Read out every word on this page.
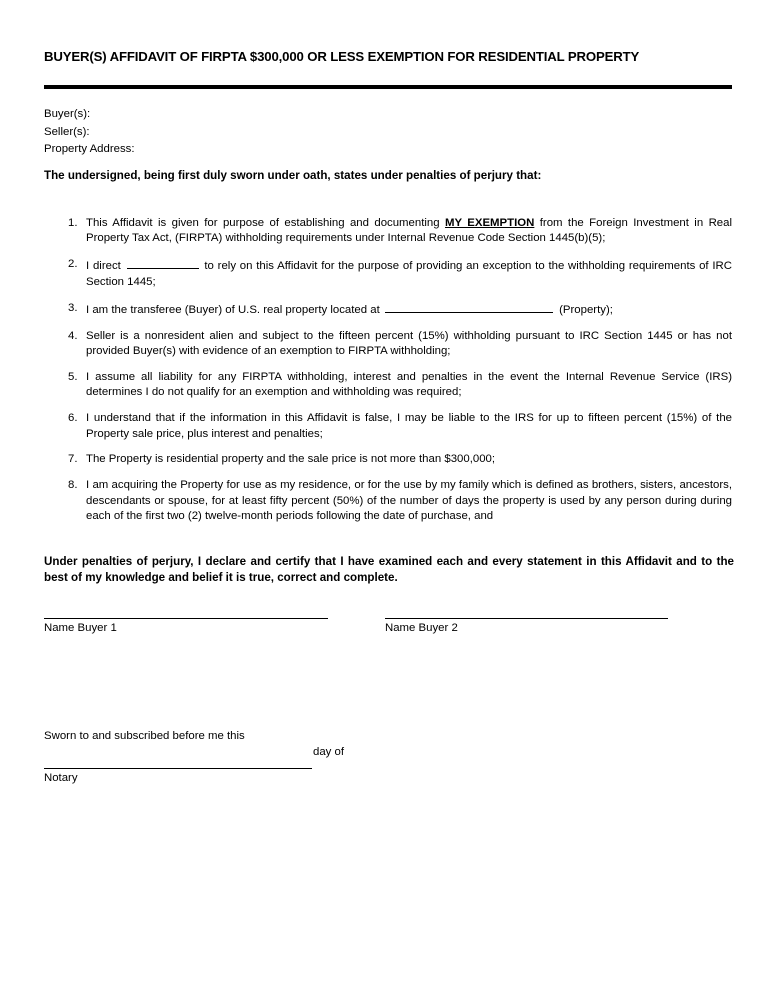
BUYER(S) AFFIDAVIT OF FIRPTA $300,000 OR LESS EXEMPTION FOR RESIDENTIAL PROPERTY
Buyer(s):
Seller(s):
Property Address:
The undersigned, being first duly sworn under oath, states under penalties of perjury that:
1. This Affidavit is given for purpose of establishing and documenting MY EXEMPTION from the Foreign Investment in Real Property Tax Act, (FIRPTA) withholding requirements under Internal Revenue Code Section 1445(b)(5);
2. I direct	to rely on this Affidavit for the purpose of providing an exception to the withholding requirements of IRC Section 1445;
3. I am the transferee (Buyer) of U.S. real property located at	(Property);
4. Seller is a nonresident alien and subject to the fifteen percent (15%) withholding pursuant to IRC Section 1445 or has not provided Buyer(s) with evidence of an exemption to FIRPTA withholding;
5. I assume all liability for any FIRPTA withholding, interest and penalties in the event the Internal Revenue Service (IRS) determines I do not qualify for an exemption and withholding was required;
6. I understand that if the information in this Affidavit is false, I may be liable to the IRS for up to fifteen percent (15%) of the Property sale price, plus interest and penalties;
7. The Property is residential property and the sale price is not more than $300,000;
8. I am acquiring the Property for use as my residence, or for the use by my family which is defined as brothers, sisters, ancestors, descendants or spouse, for at least fifty percent (50%) of the number of days the property is used by any person during during each of the first two (2) twelve-month periods following the date of purchase, and
Under penalties of perjury, I declare and certify that I have examined each and every statement in this Affidavit and to the best of my knowledge and belief it is true, correct and complete.
Name Buyer 1	Name Buyer 2
Sworn to and subscribed before me this
day of
Notary
